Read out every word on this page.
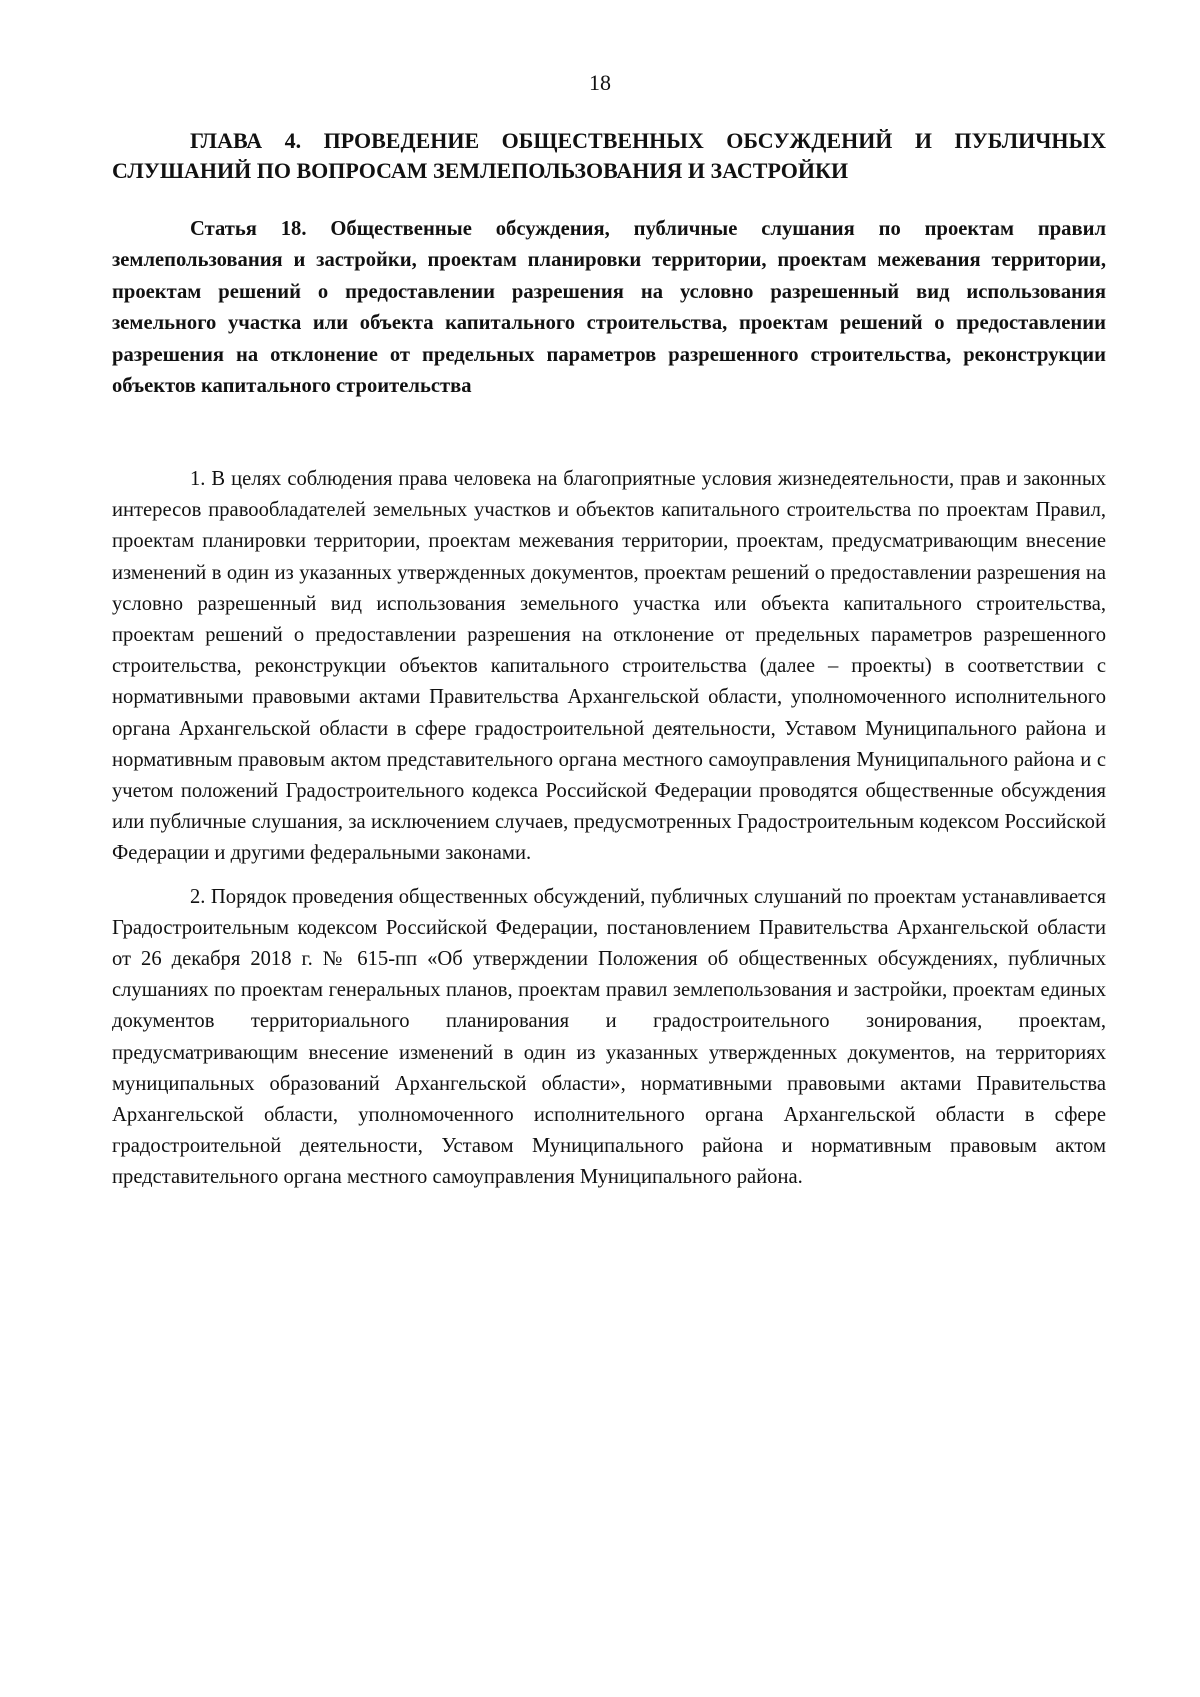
18
ГЛАВА 4. ПРОВЕДЕНИЕ ОБЩЕСТВЕННЫХ ОБСУЖДЕНИЙ И ПУБЛИЧНЫХ СЛУШАНИЙ ПО ВОПРОСАМ ЗЕМЛЕПОЛЬЗОВАНИЯ И ЗАСТРОЙКИ
Статья 18. Общественные обсуждения, публичные слушания по проектам правил землепользования и застройки, проектам планировки территории, проектам межевания территории, проектам решений о предоставлении разрешения на условно разрешенный вид использования земельного участка или объекта капитального строительства, проектам решений о предоставлении разрешения на отклонение от предельных параметров разрешенного строительства, реконструкции объектов капитального строительства

1. В целях соблюдения права человека на благоприятные условия жизнедеятельности, прав и законных интересов правообладателей земельных участков и объектов капитального строительства по проектам Правил, проектам планировки территории, проектам межевания территории, проектам, предусматривающим внесение изменений в один из указанных утвержденных документов, проектам решений о предоставлении разрешения на условно разрешенный вид использования земельного участка или объекта капитального строительства, проектам решений о предоставлении разрешения на отклонение от предельных параметров разрешенного строительства, реконструкции объектов капитального строительства (далее – проекты) в соответствии с нормативными правовыми актами Правительства Архангельской области, уполномоченного исполнительного органа Архангельской области в сфере градостроительной деятельности, Уставом Муниципального района и нормативным правовым актом представительного органа местного самоуправления Муниципального района и с учетом положений Градостроительного кодекса Российской Федерации проводятся общественные обсуждения или публичные слушания, за исключением случаев, предусмотренных Градостроительным кодексом Российской Федерации и другими федеральными законами.

2. Порядок проведения общественных обсуждений, публичных слушаний по проектам устанавливается Градостроительным кодексом Российской Федерации, постановлением Правительства Архангельской области от 26 декабря 2018 г. № 615-пп «Об утверждении Положения об общественных обсуждениях, публичных слушаниях по проектам генеральных планов, проектам правил землепользования и застройки, проектам единых документов территориального планирования и градостроительного зонирования, проектам, предусматривающим внесение изменений в один из указанных утвержденных документов, на территориях муниципальных образований Архангельской области», нормативными правовыми актами Правительства Архангельской области, уполномоченного исполнительного органа Архангельской области в сфере градостроительной деятельности, Уставом Муниципального района и нормативным правовым актом представительного органа местного самоуправления Муниципального района.
